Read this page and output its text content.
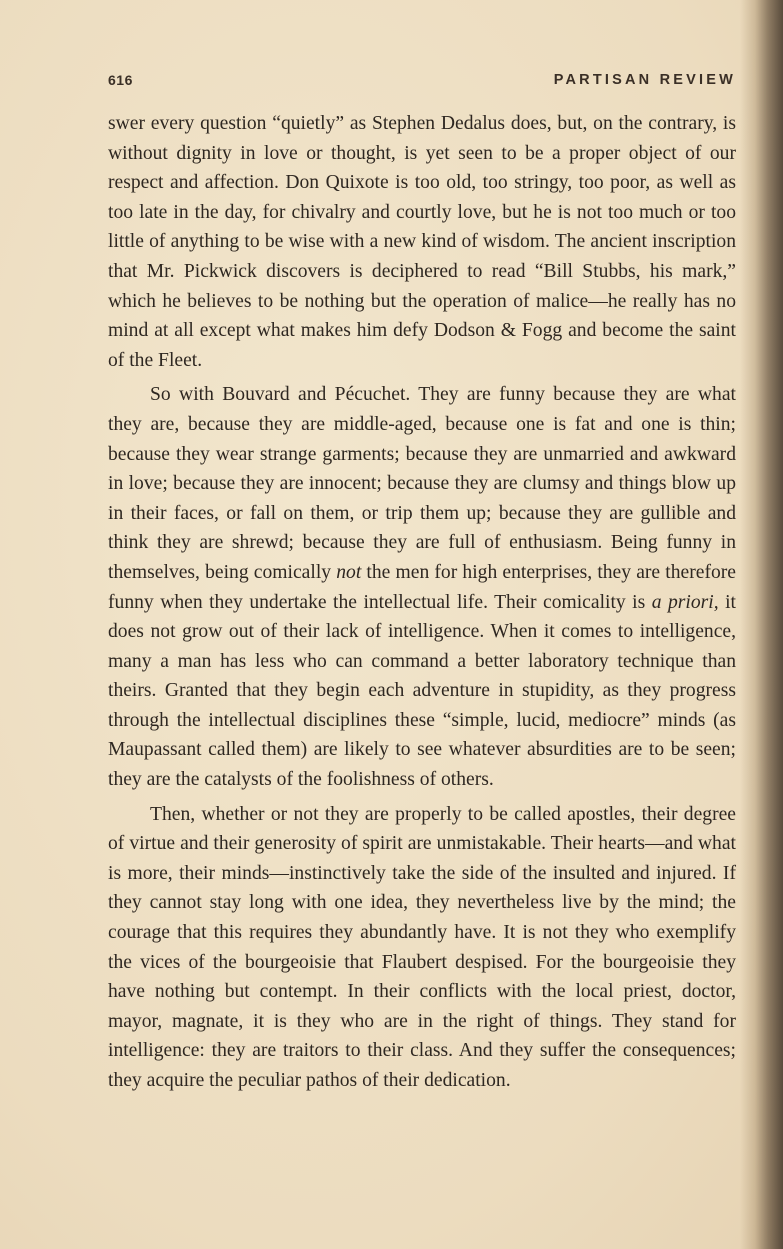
616	PARTISAN REVIEW

swer every question “quietly” as Stephen Dedalus does, but, on the contrary, is without dignity in love or thought, is yet seen to be a proper object of our respect and affection. Don Quixote is too old, too stringy, too poor, as well as too late in the day, for chivalry and courtly love, but he is not too much or too little of anything to be wise with a new kind of wisdom. The ancient inscription that Mr. Pickwick discovers is deciphered to read “Bill Stubbs, his mark,” which he believes to be nothing but the operation of malice—he really has no mind at all except what makes him defy Dodson & Fogg and become the saint of the Fleet.

So with Bouvard and Pécuchet. They are funny because they are what they are, because they are middle-aged, because one is fat and one is thin; because they wear strange garments; because they are unmarried and awkward in love; because they are innocent; because they are clumsy and things blow up in their faces, or fall on them, or trip them up; because they are gullible and think they are shrewd; because they are full of enthusiasm. Being funny in themselves, being comically not the men for high enterprises, they are therefore funny when they undertake the intellectual life. Their comicality is a priori, it does not grow out of their lack of intelligence. When it comes to intelligence, many a man has less who can command a better laboratory technique than theirs. Granted that they begin each adventure in stupidity, as they progress through the intellectual disciplines these “simple, lucid, mediocre” minds (as Maupassant called them) are likely to see whatever absurdities are to be seen; they are the catalysts of the foolishness of others.

Then, whether or not they are properly to be called apostles, their degree of virtue and their generosity of spirit are unmistakable. Their hearts—and what is more, their minds—instinctively take the side of the insulted and injured. If they cannot stay long with one idea, they nevertheless live by the mind; the courage that this requires they abundantly have. It is not they who exemplify the vices of the bourgeoisie that Flaubert despised. For the bourgeoisie they have nothing but contempt. In their conflicts with the local priest, doctor, mayor, magnate, it is they who are in the right of things. They stand for intelligence: they are traitors to their class. And they suffer the consequences; they acquire the peculiar pathos of their dedication.
